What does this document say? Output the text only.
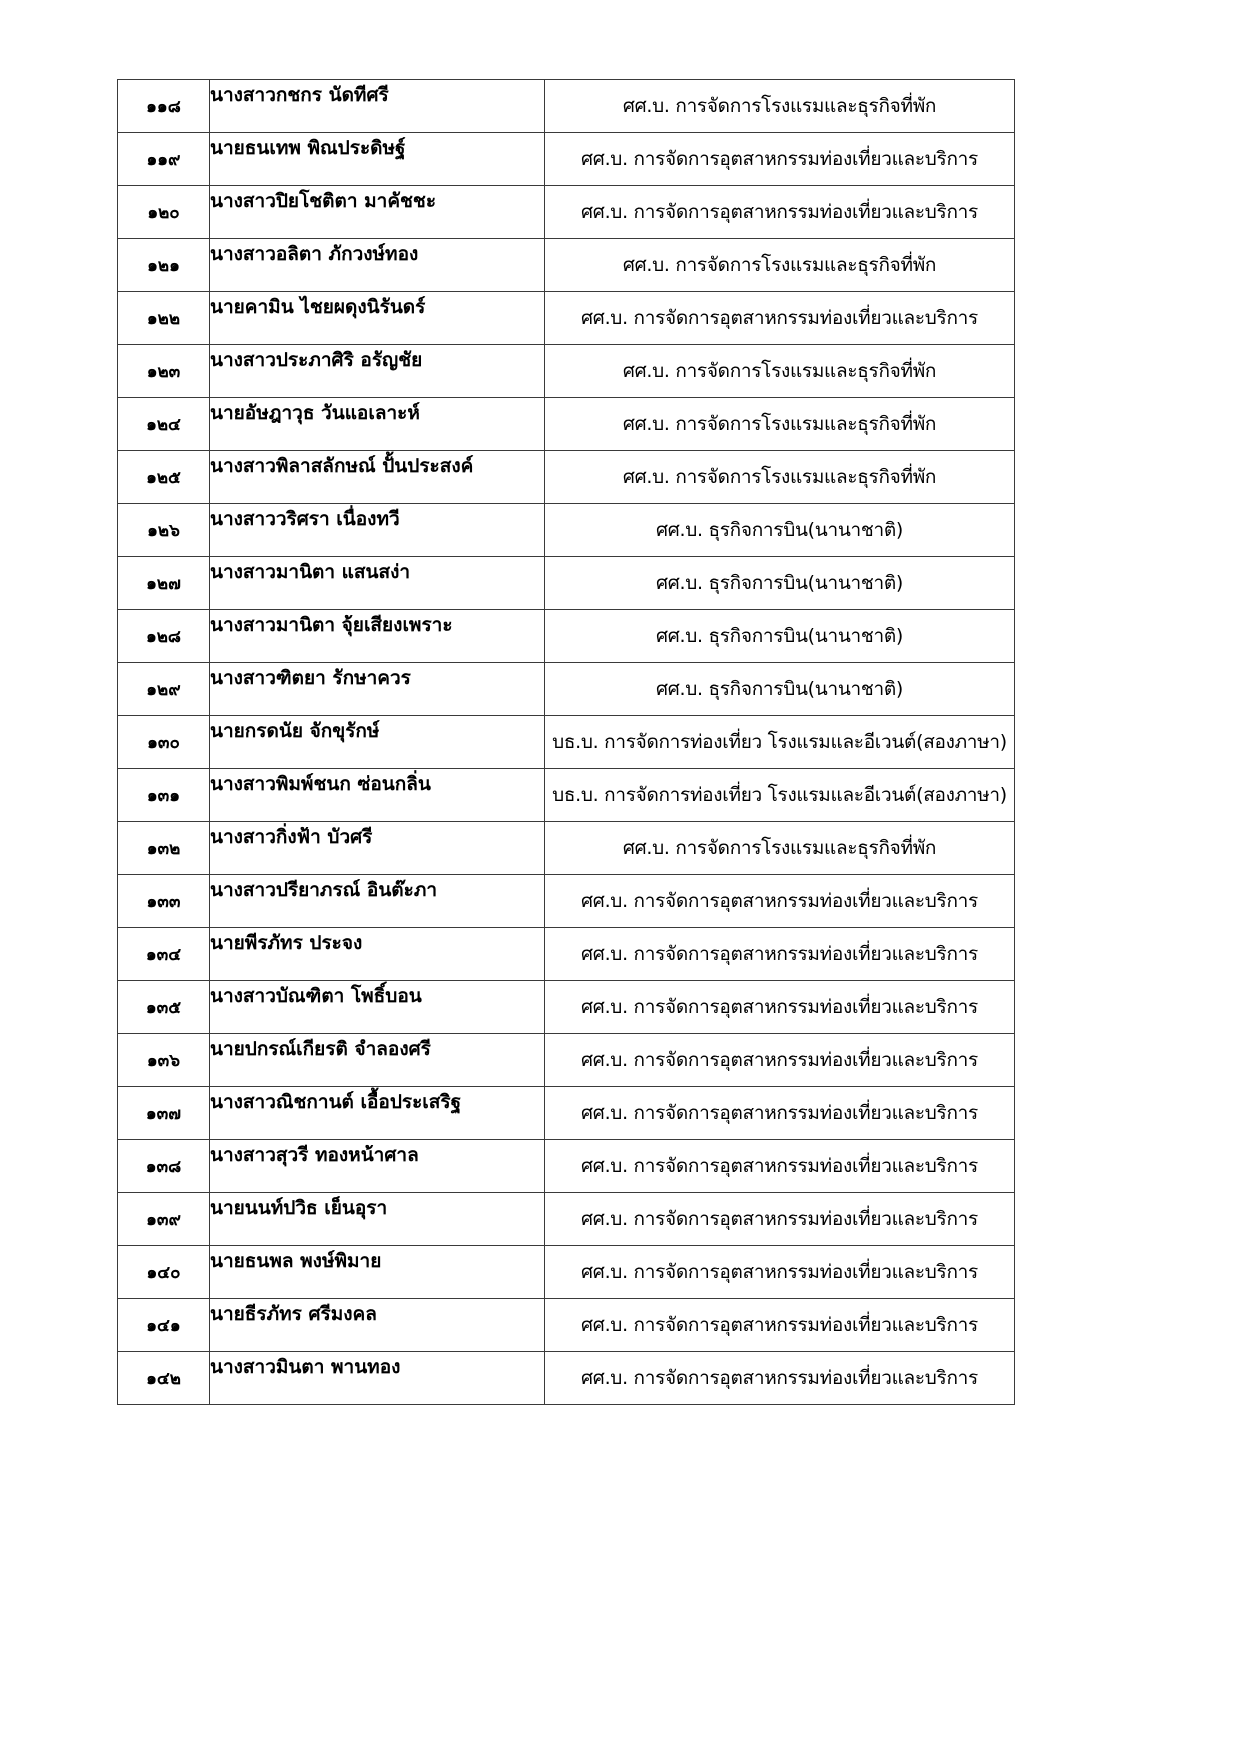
๑๑๘	นางสาวกชกร นัดทีศรี	ศศ.บ. การจัดการโรงแรมและธุรกิจที่พัก
๑๑๙	นายธนเทพ พิณประดิษฐ์	ศศ.บ. การจัดการอุตสาหกรรมท่องเที่ยวและบริการ
๑๒๐	นางสาวปิยโชติตา มาคัชชะ	ศศ.บ. การจัดการอุตสาหกรรมท่องเที่ยวและบริการ
๑๒๑	นางสาวอลิตา ภักวงษ์ทอง	ศศ.บ. การจัดการโรงแรมและธุรกิจที่พัก
๑๒๒	นายคามิน ไชยผดุงนิรันดร์	ศศ.บ. การจัดการอุตสาหกรรมท่องเที่ยวและบริการ
๑๒๓	นางสาวประภาศิริ อรัญชัย	ศศ.บ. การจัดการโรงแรมและธุรกิจที่พัก
๑๒๔	นายอัษฎาวุธ วันแอเลาะห์	ศศ.บ. การจัดการโรงแรมและธุรกิจที่พัก
๑๒๕	นางสาวพิลาสลักษณ์ ปั้นประสงค์	ศศ.บ. การจัดการโรงแรมและธุรกิจที่พัก
๑๒๖	นางสาววริศรา เนื่องทวี	ศศ.บ. ธุรกิจการบิน(นานาชาติ)
๑๒๗	นางสาวมานิตา แสนสง่า	ศศ.บ. ธุรกิจการบิน(นานาชาติ)
๑๒๘	นางสาวมานิตา จุ้ยเสียงเพราะ	ศศ.บ. ธุรกิจการบิน(นานาชาติ)
๑๒๙	นางสาวฑิตยา รักษาควร	ศศ.บ. ธุรกิจการบิน(นานาชาติ)
๑๓๐	นายกรดนัย จักขุรักษ์	บธ.บ. การจัดการท่องเที่ยว โรงแรมและอีเวนต์(สองภาษา)
๑๓๑	นางสาวพิมพ์ชนก ซ่อนกลิ่น	บธ.บ. การจัดการท่องเที่ยว โรงแรมและอีเวนต์(สองภาษา)
๑๓๒	นางสาวกิ่งฟ้า บัวศรี	ศศ.บ. การจัดการโรงแรมและธุรกิจที่พัก
๑๓๓	นางสาวปรียาภรณ์ อินต๊ะภา	ศศ.บ. การจัดการอุตสาหกรรมท่องเที่ยวและบริการ
๑๓๔	นายพีรภัทร ประจง	ศศ.บ. การจัดการอุตสาหกรรมท่องเที่ยวและบริการ
๑๓๕	นางสาวบัณฑิตา โพธิ์บอน	ศศ.บ. การจัดการอุตสาหกรรมท่องเที่ยวและบริการ
๑๓๖	นายปกรณ์เกียรติ จำลองศรี	ศศ.บ. การจัดการอุตสาหกรรมท่องเที่ยวและบริการ
๑๓๗	นางสาวณิชกานต์ เอื้อประเสริฐ	ศศ.บ. การจัดการอุตสาหกรรมท่องเที่ยวและบริการ
๑๓๘	นางสาวสุวรี ทองหน้าศาล	ศศ.บ. การจัดการอุตสาหกรรมท่องเที่ยวและบริการ
๑๓๙	นายนนท์ปวิธ เย็นอุรา	ศศ.บ. การจัดการอุตสาหกรรมท่องเที่ยวและบริการ
๑๔๐	นายธนพล พงษ์พิมาย	ศศ.บ. การจัดการอุตสาหกรรมท่องเที่ยวและบริการ
๑๔๑	นายธีรภัทร ศรีมงคล	ศศ.บ. การจัดการอุตสาหกรรมท่องเที่ยวและบริการ
๑๔๒	นางสาวมินตา พานทอง	ศศ.บ. การจัดการอุตสาหกรรมท่องเที่ยวและบริการ
